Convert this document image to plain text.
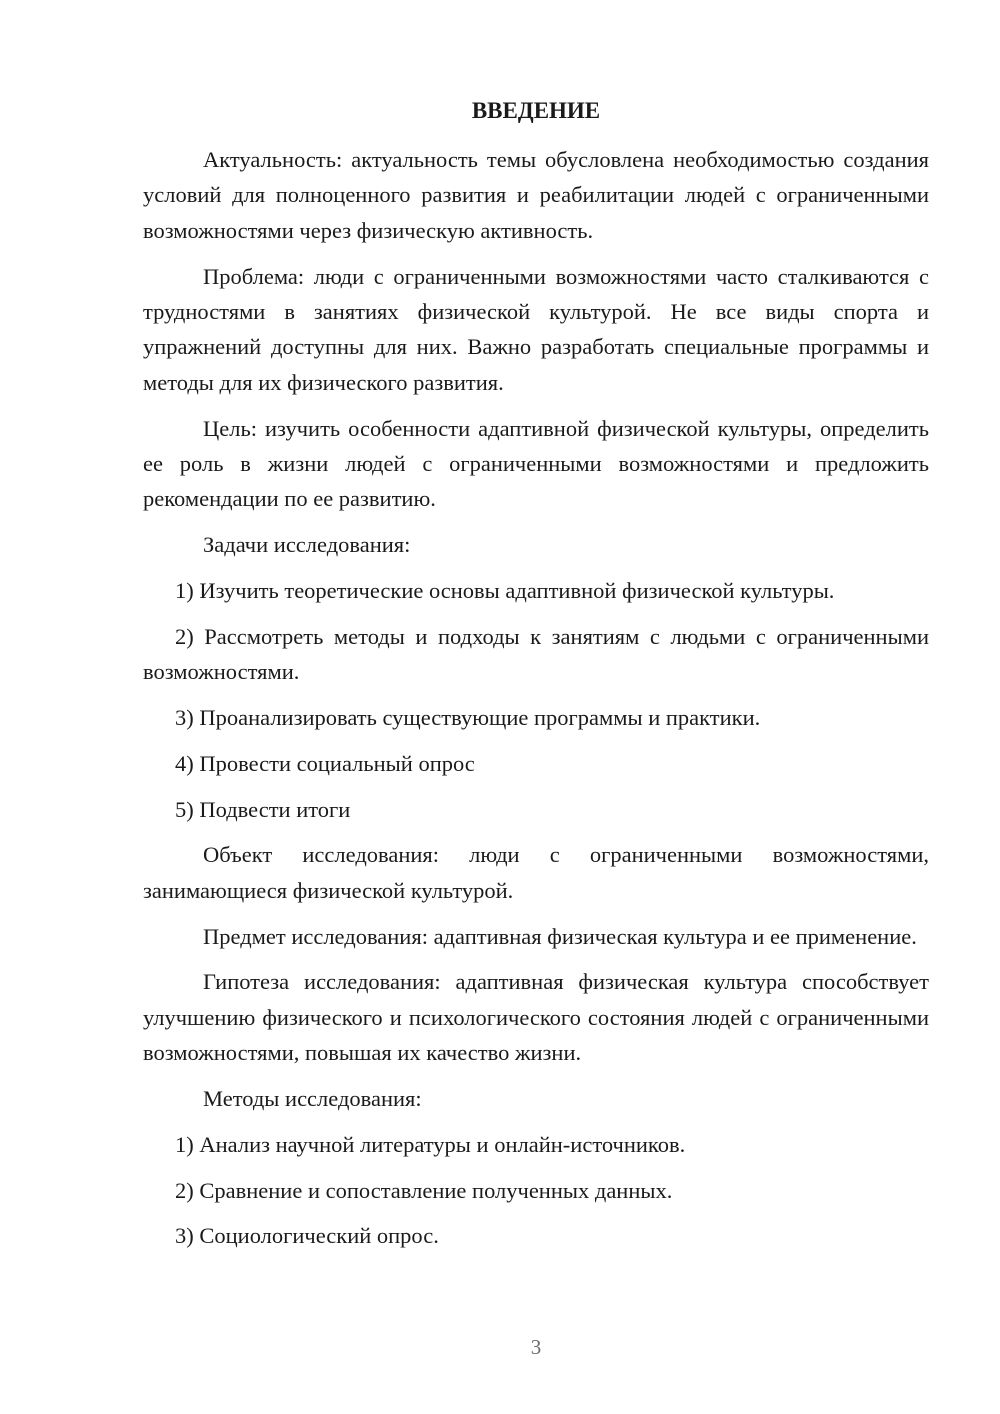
ВВЕДЕНИЕ

Актуальность: актуальность темы обусловлена необходимостью создания условий для полноценного развития и реабилитации людей с ограниченными возможностями через физическую активность.

Проблема: люди с ограниченными возможностями часто сталкиваются с трудностями в занятиях физической культурой. Не все виды спорта и упражнений доступны для них. Важно разработать специальные программы и методы для их физического развития.

Цель: изучить особенности адаптивной физической культуры, определить ее роль в жизни людей с ограниченными возможностями и предложить рекомендации по ее развитию.

Задачи исследования:

1) Изучить теоретические основы адаптивной физической культуры.

2) Рассмотреть методы и подходы к занятиям с людьми с ограниченными возможностями.

3) Проанализировать существующие программы и практики.

4) Провести социальный опрос

5) Подвести итоги

Объект исследования: люди с ограниченными возможностями, занимающиеся физической культурой.

Предмет исследования: адаптивная физическая культура и ее применение.

Гипотеза исследования: адаптивная физическая культура способствует улучшению физического и психологического состояния людей с ограниченными возможностями, повышая их качество жизни.

Методы исследования:

1) Анализ научной литературы и онлайн-источников.

2) Сравнение и сопоставление полученных данных.

3) Социологический опрос.

3
